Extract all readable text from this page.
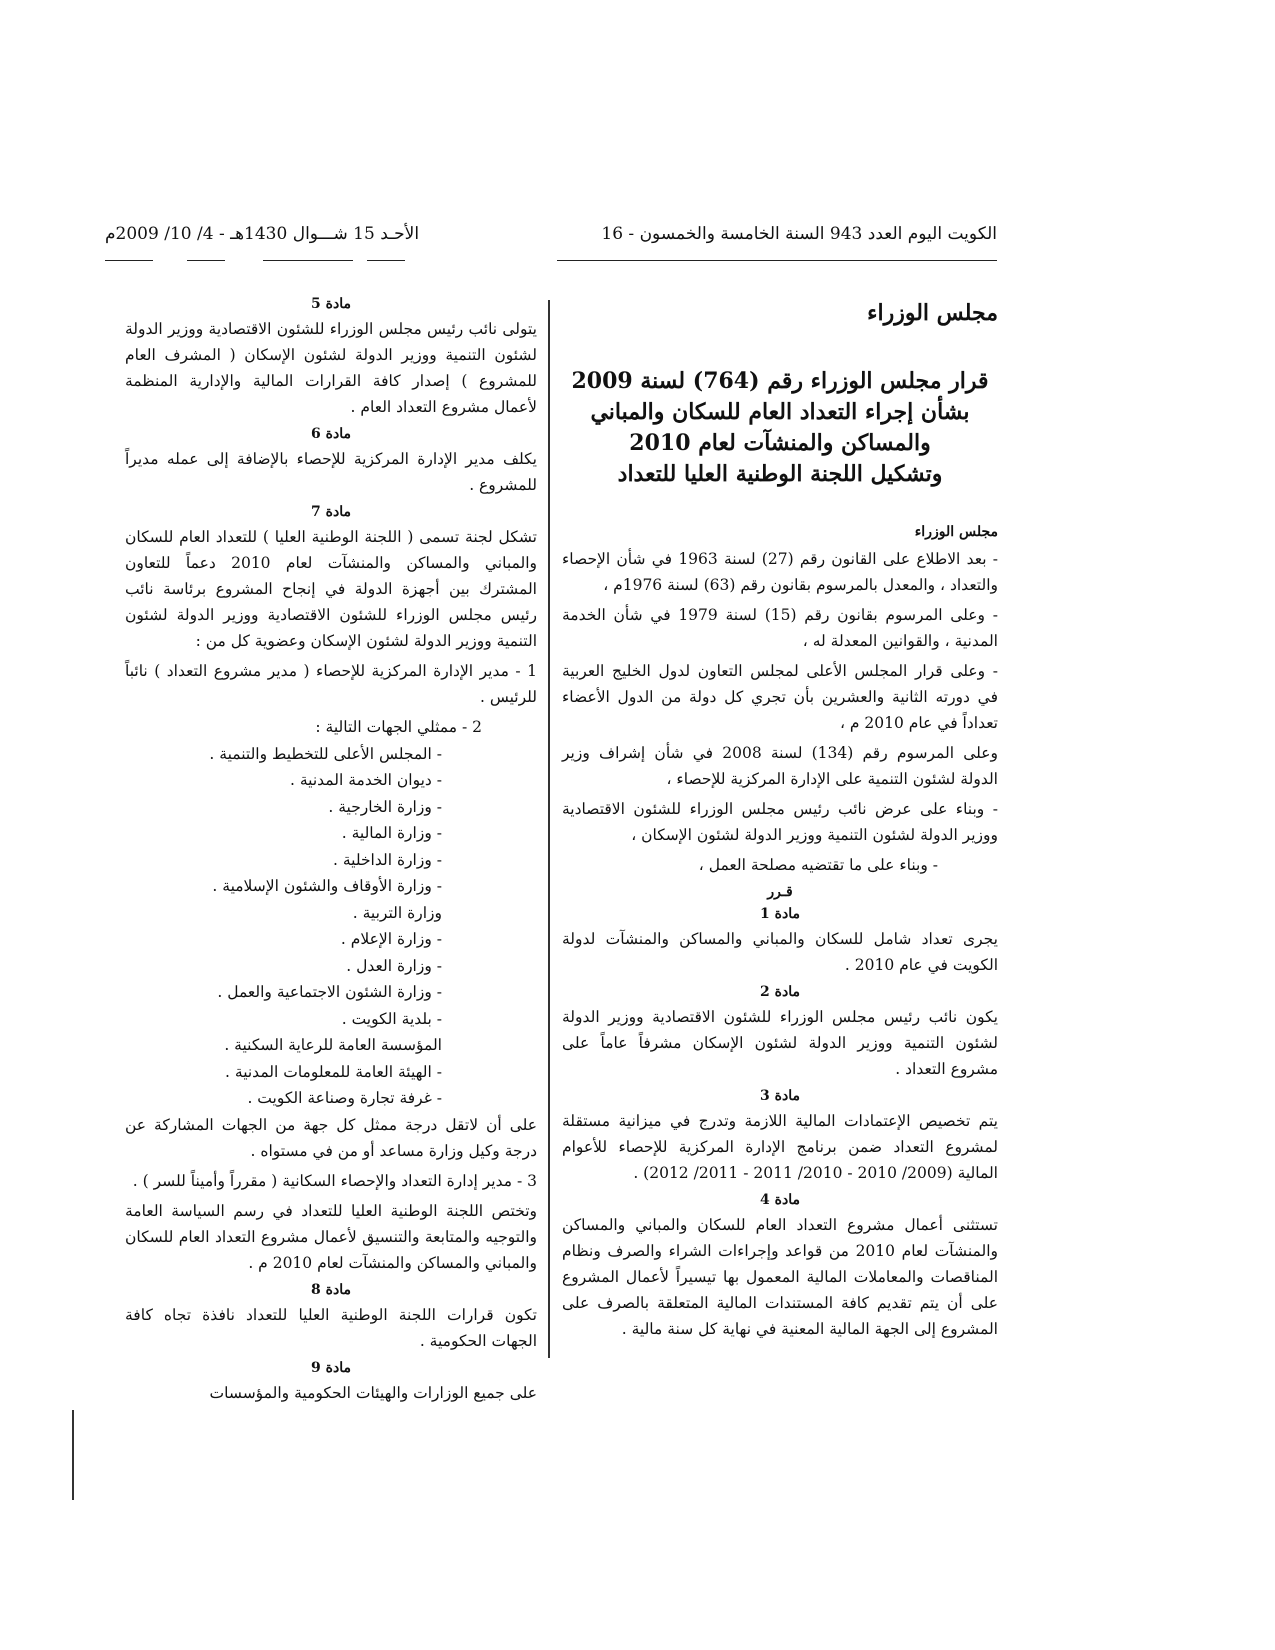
الكويت اليوم العدد 943 السنة الخامسة والخمسون - 16
الأحـد 15 شـــوال 1430هـ - 4/ 10/ 2009م
مجلس الوزراء
قرار مجلس الوزراء رقم (764) لسنة 2009
بشأن إجراء التعداد العام للسكان والمباني
والمساكن والمنشآت لعام 2010
وتشكيل اللجنة الوطنية العليا للتعداد
مجلس الوزراء

- بعد الاطلاع على القانون رقم (27) لسنة 1963 في شأن الإحصاء والتعداد ، والمعدل بالمرسوم بقانون رقم (63) لسنة 1976م ،

- وعلى المرسوم بقانون رقم (15) لسنة 1979 في شأن الخدمة المدنية ، والقوانين المعدلة له ،

- وعلى قرار المجلس الأعلى لمجلس التعاون لدول الخليج العربية في دورته الثانية والعشرين بأن تجري كل دولة من الدول الأعضاء تعداداً في عام 2010 م ،

وعلى المرسوم رقم (134) لسنة 2008 في شأن إشراف وزير الدولة لشئون التنمية على الإدارة المركزية للإحصاء ،

- وبناء على عرض نائب رئيس مجلس الوزراء للشئون الاقتصادية ووزير الدولة لشئون التنمية ووزير الدولة لشئون الإسكان ،

- وبناء على ما تقتضيه مصلحة العمل ،

قـرر
مادة 1

يجرى تعداد شامل للسكان والمباني والمساكن والمنشآت لدولة الكويت في عام 2010 .

مادة 2

يكون نائب رئيس مجلس الوزراء للشئون الاقتصادية ووزير الدولة لشئون التنمية ووزير الدولة لشئون الإسكان مشرفاً عاماً على مشروع التعداد .

مادة 3

يتم تخصيص الإعتمادات المالية اللازمة وتدرج في ميزانية مستقلة لمشروع التعداد ضمن برنامج الإدارة المركزية للإحصاء للأعوام المالية (2009/ 2010 - 2010/ 2011 - 2011/ 2012) .

مادة 4

تستثنى أعمال مشروع التعداد العام للسكان والمباني والمساكن والمنشآت لعام 2010 من قواعد وإجراءات الشراء والصرف ونظام المناقصات والمعاملات المالية المعمول بها تيسيراً لأعمال المشروع على أن يتم تقديم كافة المستندات المالية المتعلقة بالصرف على المشروع إلى الجهة المالية المعنية في نهاية كل سنة مالية .

مادة 5

يتولى نائب رئيس مجلس الوزراء للشئون الاقتصادية ووزير الدولة لشئون التنمية ووزير الدولة لشئون الإسكان ( المشرف العام للمشروع ) إصدار كافة القرارات المالية والإدارية المنظمة لأعمال مشروع التعداد العام .

مادة 6

يكلف مدير الإدارة المركزية للإحصاء بالإضافة إلى عمله مديراً للمشروع .

مادة 7

تشكل لجنة تسمى ( اللجنة الوطنية العليا ) للتعداد العام للسكان والمباني والمساكن والمنشآت لعام 2010 دعماً للتعاون المشترك بين أجهزة الدولة في إنجاح المشروع برئاسة نائب رئيس مجلس الوزراء للشئون الاقتصادية ووزير الدولة لشئون التنمية ووزير الدولة لشئون الإسكان وعضوية كل من :

1 - مدير الإدارة المركزية للإحصاء ( مدير مشروع التعداد ) نائباً للرئيس .

2 - ممثلي الجهات التالية :

- المجلس الأعلى للتخطيط والتنمية .

- ديوان الخدمة المدنية .

- وزارة الخارجية .

- وزارة المالية .

- وزارة الداخلية .

- وزارة الأوقاف والشئون الإسلامية .

وزارة التربية .

- وزارة الإعلام .

- وزارة العدل .

- وزارة الشئون الاجتماعية والعمل .

- بلدية الكويت .

المؤسسة العامة للرعاية السكنية .

- الهيئة العامة للمعلومات المدنية .

- غرفة تجارة وصناعة الكويت .

على أن لاتقل درجة ممثل كل جهة من الجهات المشاركة عن درجة وكيل وزارة مساعد أو من في مستواه .

3 - مدير إدارة التعداد والإحصاء السكانية ( مقرراً وأميناً للسر ) .

وتختص اللجنة الوطنية العليا للتعداد في رسم السياسة العامة والتوجيه والمتابعة والتنسيق لأعمال مشروع التعداد العام للسكان والمباني والمساكن والمنشآت لعام 2010 م .

مادة 8

تكون قرارات اللجنة الوطنية العليا للتعداد نافذة تجاه كافة الجهات الحكومية .

مادة 9

على جميع الوزارات والهيئات الحكومية والمؤسسات
